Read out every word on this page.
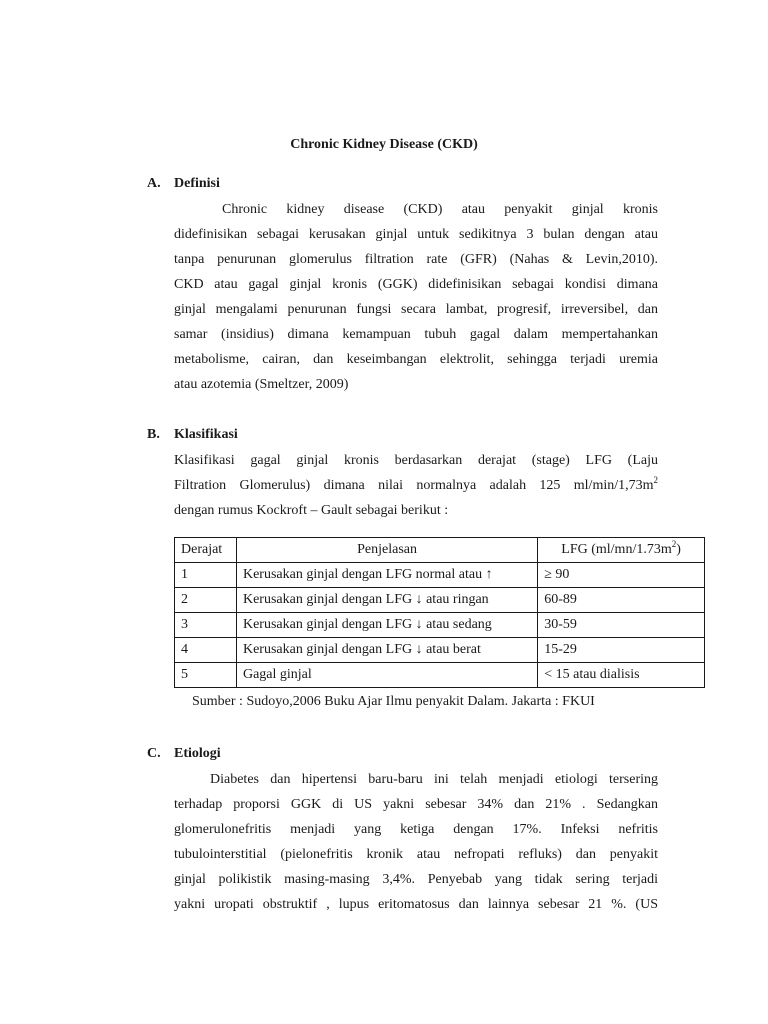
Chronic Kidney Disease (CKD)
A. Definisi
Chronic kidney disease (CKD) atau penyakit ginjal kronis
didefinisikan sebagai kerusakan ginjal untuk sedikitnya 3 bulan dengan atau
tanpa penurunan glomerulus filtration rate (GFR) (Nahas & Levin,2010).
CKD atau gagal ginjal kronis (GGK) didefinisikan sebagai kondisi dimana
ginjal mengalami penurunan fungsi secara lambat, progresif, irreversibel, dan
samar (insidius) dimana kemampuan tubuh gagal dalam mempertahankan
metabolisme, cairan, dan keseimbangan elektrolit, sehingga terjadi uremia
atau azotemia (Smeltzer, 2009)
B. Klasifikasi
Klasifikasi gagal ginjal kronis berdasarkan derajat (stage) LFG (Laju
Filtration Glomerulus) dimana nilai normalnya adalah 125 $ml/\min/1,73m^2$
dengan rumus Kockroft – Gault sebagai berikut :
Derajat	Penjelasan	LFG $(ml/mn/1.73m^2)$
1	Kerusakan ginjal dengan LFG normal atau ↑	≥ 90
2	Kerusakan ginjal dengan LFG ↓ atau ringan	60-89
3	Kerusakan ginjal dengan LFG ↓ atau sedang	30-59
4	Kerusakan ginjal dengan LFG ↓ atau berat	15-29
5	Gagal ginjal	< 15 atau dialisis
Sumber : Sudoyo,2006 Buku Ajar Ilmu penyakit Dalam. Jakarta : FKUI
C. Etiologi
Diabetes dan hipertensi baru-baru ini telah menjadi etiologi tersering
terhadap proporsi GGK di US yakni sebesar 34% dan 21% . Sedangkan
glomerulonefritis menjadi yang ketiga dengan 17%. Infeksi nefritis
tubulointerstitial (pielonefritis kronik atau nefropati refluks) dan penyakit
ginjal polikistik masing-masing 3,4%. Penyebab yang tidak sering terjadi
yakni uropati obstruktif , lupus eritomatosus dan lainnya sebesar 21 %. (US
